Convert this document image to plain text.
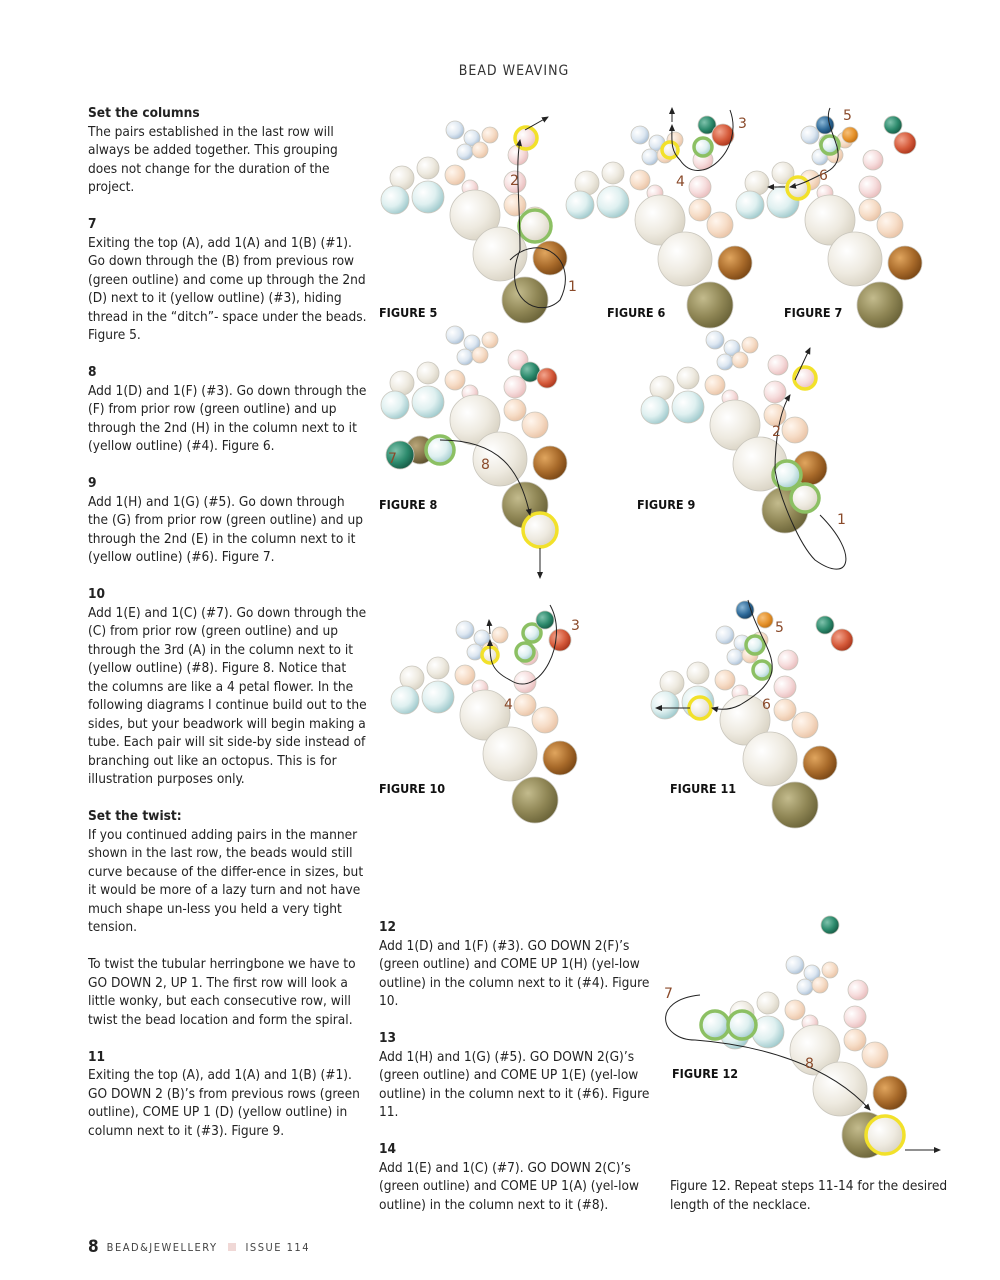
BEAD WEAVING
Set the columns
The pairs established in the last row will always be added together. This grouping does not change for the duration of the project.
7
Exiting the top (A), add 1(A) and 1(B) (#1). Go down through the (B) from previous row (green outline) and come up through the 2nd (D) next to it (yellow outline) (#3), hiding thread in the “ditch”- space under the beads. Figure 5.
8
Add 1(D) and 1(F) (#3). Go down through the (F) from prior row (green outline) and up through the 2nd (H) in the column next to it (yellow outline) (#4). Figure 6.
9
Add 1(H) and 1(G) (#5). Go down through the (G) from prior row (green outline) and up through the 2nd (E) in the column next to it (yellow outline) (#6). Figure 7.
10
Add 1(E) and 1(C) (#7). Go down through the (C) from prior row (green outline) and up through the 3rd (A) in the column next to it (yellow outline) (#8). Figure 8. Notice that the columns are like a 4 petal flower. In the following diagrams I continue build out to the sides, but your beadwork will begin making a tube. Each pair will sit side-by side instead of branching out like an octopus. This is for illustration purposes only.
Set the twist:
If you continued adding pairs in the manner shown in the last row, the beads would still curve because of the differ-ence in sizes, but it would be more of a lazy turn and not have much shape un-less you held a very tight tension.
To twist the tubular herringbone we have to GO DOWN 2, UP 1. The first row will look a little wonky, but each consecutive row, will twist the bead location and form the spiral.
11
Exiting the top (A), add 1(A) and 1(B) (#1). GO DOWN 2 (B)’s from previous rows (green outline), COME UP 1 (D) (yellow outline) in column next to it (#3). Figure 9.
12
Add 1(D) and 1(F) (#3). GO DOWN 2(F)’s (green outline) and COME UP 1(H) (yel-low outline) in the column next to it (#4). Figure 10.
13
Add 1(H) and 1(G) (#5). GO DOWN 2(G)’s (green outline) and COME UP 1(E) (yel-low outline) in the column next to it (#6). Figure 11.
14
Add 1(E) and 1(C) (#7). GO DOWN 2(C)’s (green outline) and COME UP 1(A) (yel-low outline) in the column next to it (#8).
1
2
3
4
5
6
7	8
1
2
3
4
5
6
7
8
FIGURE 5	FIGURE 6	FIGURE 7
FIGURE 8	FIGURE 9
FIGURE 10	FIGURE 11
FIGURE 12
Figure 12. Repeat steps 11-14 for the desired length of the necklace.
8 BEAD&JEWELLERY	ISSUE 114
